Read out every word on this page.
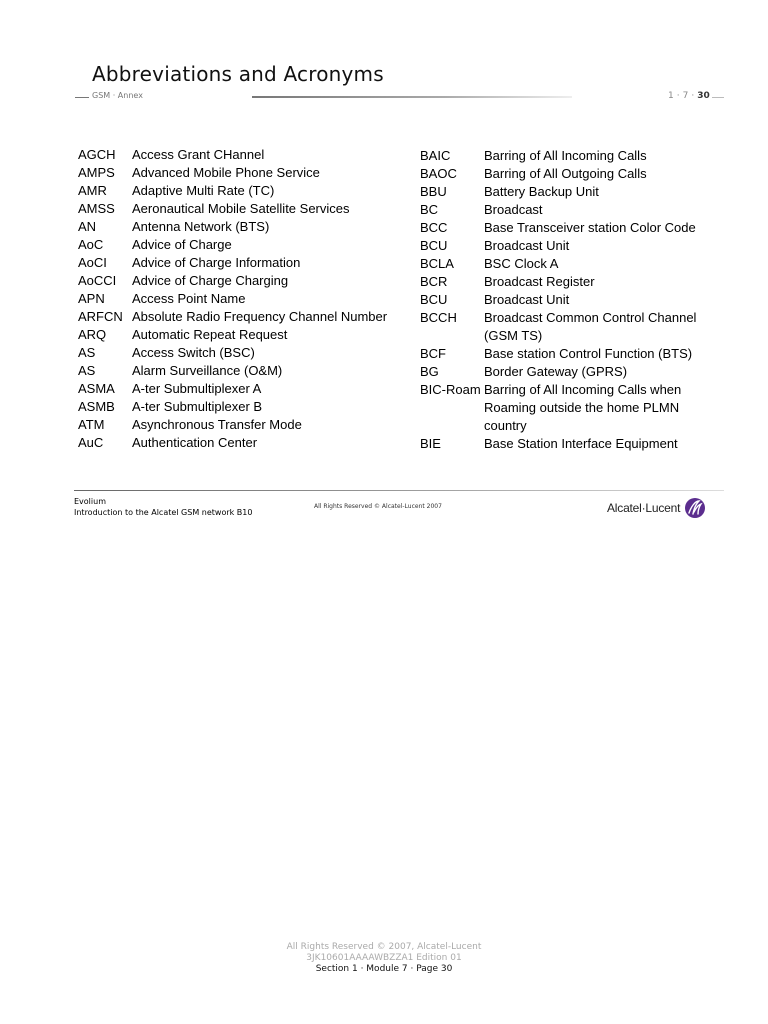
Abbreviations and Acronyms
GSM · Annex	1 · 7 · 30
AGCH	Access Grant CHannel
AMPS	Advanced Mobile Phone Service
AMR	Adaptive Multi Rate (TC)
AMSS	Aeronautical Mobile Satellite Services
AN	Antenna Network (BTS)
AoC	Advice of Charge
AoCI	Advice of Charge Information
AoCCI	Advice of Charge Charging
APN	Access Point Name
ARFCN Absolute Radio Frequency Channel Number
ARQ	Automatic Repeat Request
AS	Access Switch (BSC)
AS	Alarm Surveillance (O&M)
ASMA	A-ter Submultiplexer A
ASMB	A-ter Submultiplexer B
ATM	Asynchronous Transfer Mode
AuC	Authentication Center
BAIC	Barring of All Incoming Calls
BAOC	Barring of All Outgoing Calls
BBU	Battery Backup Unit
BC	Broadcast
BCC	Base Transceiver station Color Code
BCU	Broadcast Unit
BCLA	BSC Clock A
BCR	Broadcast Register
BCU	Broadcast Unit
BCCH	Broadcast Common Control Channel (GSM TS)
BCF	Base station Control Function (BTS)
BG	Border Gateway (GPRS)
BIC-Roam Barring of All Incoming Calls when Roaming outside the home PLMN country
BIE	Base Station Interface Equipment
Evolium
Introduction to the Alcatel GSM network B10
All Rights Reserved © Alcatel-Lucent 2007	Alcatel·Lucent
All Rights Reserved © 2007, Alcatel-Lucent
3JK10601AAAAWBZZA1 Edition 01
Section 1 · Module 7 · Page 30
